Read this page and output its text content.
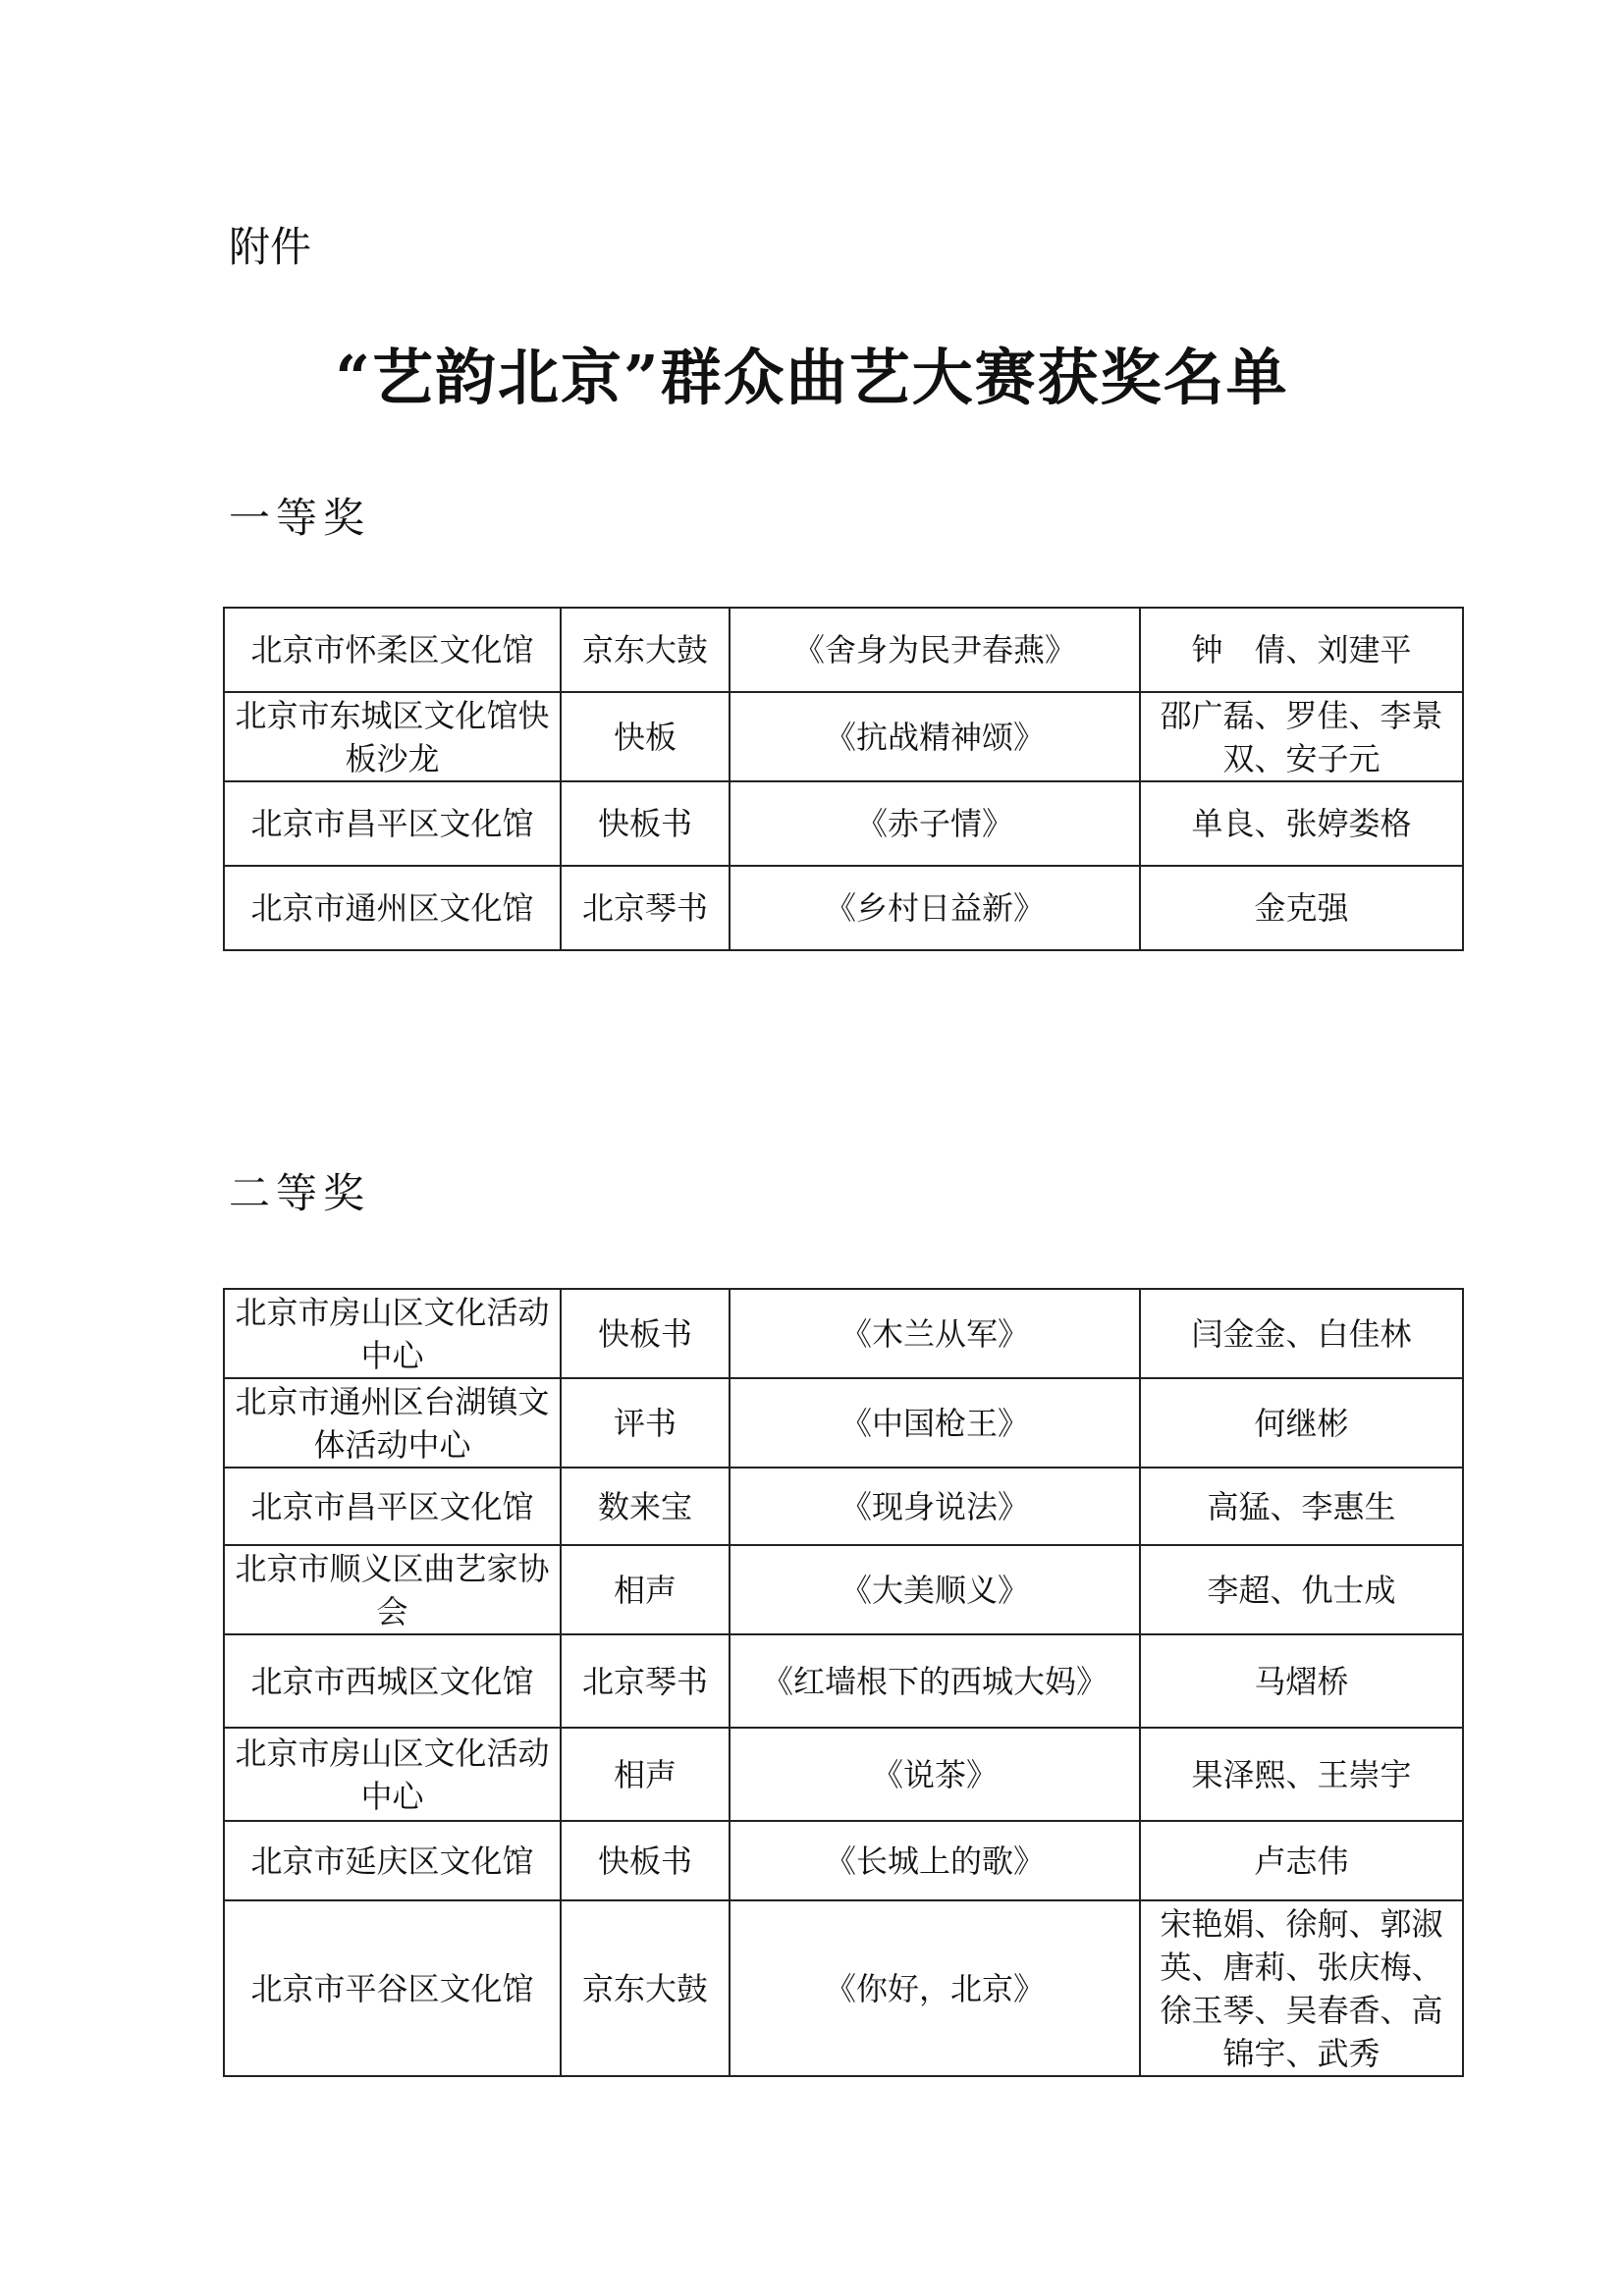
附件
“艺韵北京”群众曲艺大赛获奖名单
一等奖
北京市怀柔区文化馆	京东大鼓	《舍身为民尹春燕》	钟　倩、刘建平
北京市东城区文化馆快板沙龙	快板	《抗战精神颂》	邵广磊、罗佳、李景双、安子元
北京市昌平区文化馆	快板书	《赤子情》	单良、张婷娄格
北京市通州区文化馆	北京琴书	《乡村日益新》	金克强
二等奖
北京市房山区文化活动中心	快板书	《木兰从军》	闫金金、白佳林
北京市通州区台湖镇文体活动中心	评书	《中国枪王》	何继彬
北京市昌平区文化馆	数来宝	《现身说法》	高猛、李惠生
北京市顺义区曲艺家协会	相声	《大美顺义》	李超、仇士成
北京市西城区文化馆	北京琴书	《红墙根下的西城大妈》	马熠桥
北京市房山区文化活动中心	相声	《说茶》	果泽熙、王崇宇
北京市延庆区文化馆	快板书	《长城上的歌》	卢志伟
北京市平谷区文化馆	京东大鼓	《你好，北京》	宋艳娟、徐舸、郭淑英、唐莉、张庆梅、徐玉琴、吴春香、高锦宇、武秀
